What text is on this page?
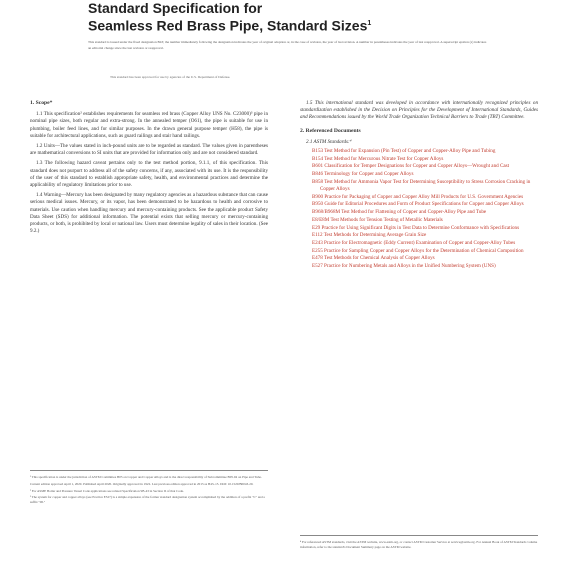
Standard Specification for
Seamless Red Brass Pipe, Standard Sizes$^1$
This standard is issued under the fixed designation B43; the number immediately following the designation indicates the year of original adoption or, in the case of revision, the year of last revision. A number in parentheses indicates the year of last reapproval. A superscript epsilon (ε) indicates an editorial change since the last revision or reapproval.
This standard has been approved for use by agencies of the U.S. Department of Defense.
1. Scope*
1.1 This specification² establishes requirements for seamless red brass (Copper Alloy UNS No. C23000)³ pipe in nominal pipe sizes, both regular and extra-strong. In the annealed temper (O61), the pipe is suitable for use in plumbing, boiler feed lines, and for similar purposes. In the drawn general purpose temper (H58), the pipe is suitable for architectural applications, such as guard railings and stair hand railings.
1.2 Units—The values stated in inch-pound units are to be regarded as standard. The values given in parentheses are mathematical conversions to SI units that are provided for information only and are not considered standard.
1.3 The following hazard caveat pertains only to the test method portion, 9.1.1, of this specification. This standard does not purport to address all of the safety concerns, if any, associated with its use. It is the responsibility of the user of this standard to establish appropriate safety, health, and environmental practices and determine the applicability of regulatory limitations prior to use.
1.4 Warning—Mercury has been designated by many regulatory agencies as a hazardous substance that can cause serious medical issues. Mercury, or its vapor, has been demonstrated to be hazardous to health and corrosive to materials. Use caution when handling mercury and mercury-containing products. See the applicable product Safety Data Sheet (SDS) for additional information. The potential exists that selling mercury or mercury-containing products, or both, is prohibited by local or national law. Users must determine legality of sales in their location. (See 9.2.)
1.5 This international standard was developed in accordance with internationally recognized principles on standardization established in the Decision on Principles for the Development of International Standards, Guides and Recommendations issued by the World Trade Organization Technical Barriers to Trade (TBT) Committee.
2. Referenced Documents
2.1 ASTM Standards:⁴
B153 Test Method for Expansion (Pin Test) of Copper and Copper-Alloy Pipe and Tubing
B154 Test Method for Mercurous Nitrate Test for Copper Alloys
B601 Classification for Temper Designations for Copper and Copper Alloys—Wrought and Cast
B846 Terminology for Copper and Copper Alloys
B858 Test Method for Ammonia Vapor Test for Determining Susceptibility to Stress Corrosion Cracking in Copper Alloys
B900 Practice for Packaging of Copper and Copper Alloy Mill Products for U.S. Government Agencies
B950 Guide for Editorial Procedures and Form of Product Specifications for Copper and Copper Alloys
B968/B968M Test Method for Flattening of Copper and Copper-Alloy Pipe and Tube
E8/E8M Test Methods for Tension Testing of Metallic Materials
E29 Practice for Using Significant Digits in Test Data to Determine Conformance with Specifications
E112 Test Methods for Determining Average Grain Size
E243 Practice for Electromagnetic (Eddy Current) Examination of Copper and Copper-Alloy Tubes
E255 Practice for Sampling Copper and Copper Alloys for the Determination of Chemical Composition
E478 Test Methods for Chemical Analysis of Copper Alloys
E527 Practice for Numbering Metals and Alloys in the Unified Numbering System (UNS)
¹ This specification is under the jurisdiction of ASTM Committee B05 on Copper and Copper Alloys and is the direct responsibility of Subcommittee B05.04 on Pipe and Tube.
Current edition approved April 1, 2020. Published April 2020. Originally approved in 1922. Last previous edition approved in 2015 as B43–15. DOI: 10.1520/B0043-20.
² For ASME Boiler and Pressure Vessel Code applications see related Specification SB-43 in Section II of that Code.
³ The system for copper and copper alloys (see Practice E527) is a simple expansion of the former standard designation system accomplished by the addition of a prefix "C" and a suffix "00."
⁴ For referenced ASTM standards, visit the ASTM website, www.astm.org, or contact ASTM Customer Service at service@astm.org. For Annual Book of ASTM Standards volume information, refer to the standard's Document Summary page on the ASTM website.
